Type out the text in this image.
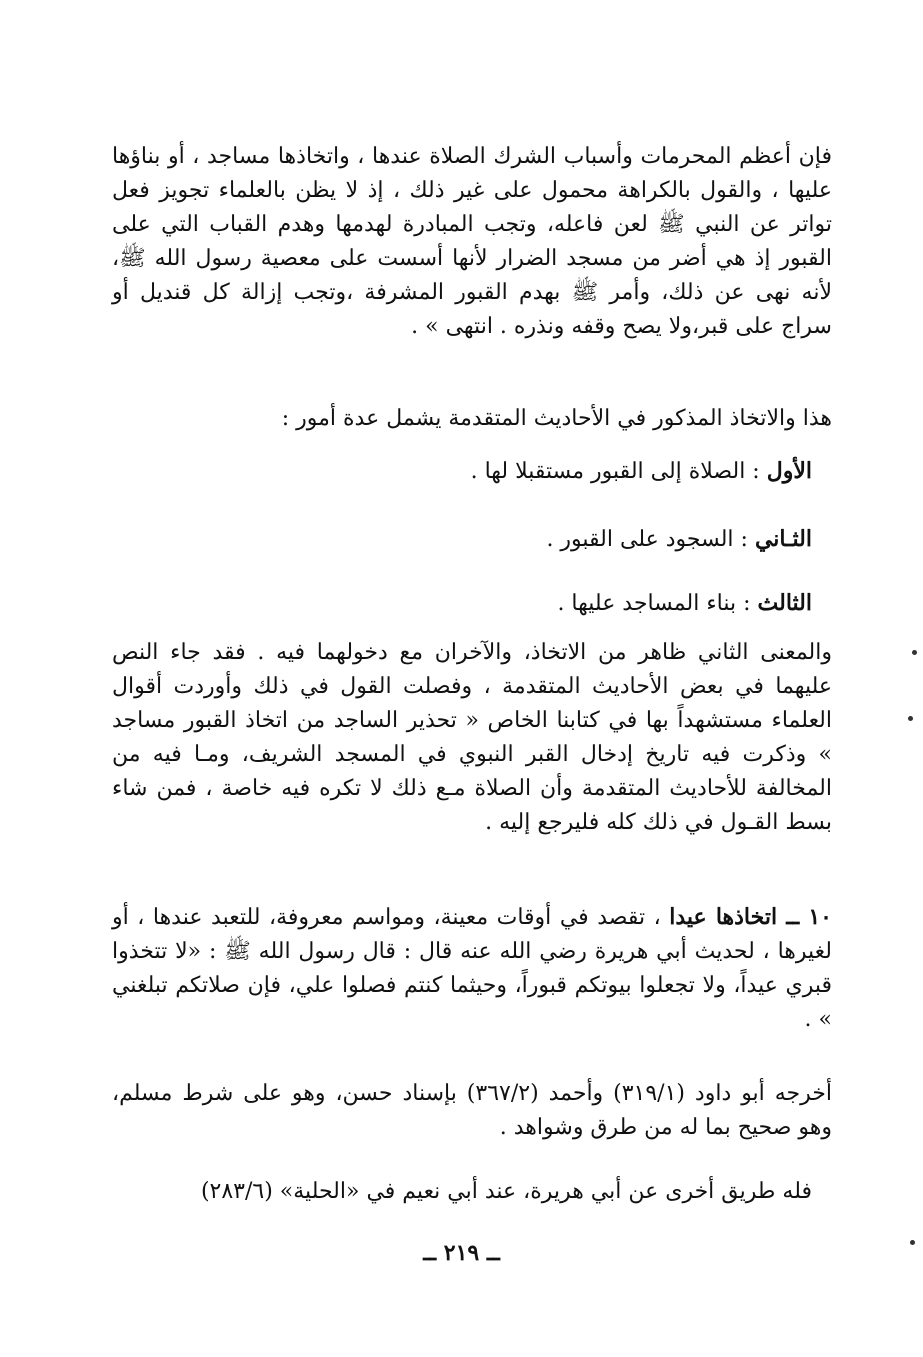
فإن أعظم المحرمات وأسباب الشرك الصلاة عندها ، واتخاذها مساجد ، أو بناؤها عليها ، والقول بالكراهة محمول على غير ذلك ، إذ لا يظن بالعلماء تجويز فعل تواتر عن النبي ﷺ لعن فاعله، وتجب المبادرة لهدمها وهدم القباب التي على القبور إذ هي أضر من مسجد الضرار لأنها أسست على معصية رسول الله ﷺ، لأنه نهى عن ذلك، وأمر ﷺ بهدم القبور المشرفة ،وتجب إزالة كل قنديل أو سراج على قبر،ولا يصح وقفه ونذره . انتهى » .
هذا والاتخاذ المذكور في الأحاديث المتقدمة يشمل عدة أمور :
الأول : الصلاة إلى القبور مستقبلا لها .
الثـاني : السجود على القبور .
الثالث : بناء المساجد عليها .
والمعنى الثاني ظاهر من الاتخاذ، والآخران مع دخولهما فيه . فقد جاء النص عليهما في بعض الأحاديث المتقدمة ، وفصلت القول في ذلك وأوردت أقوال العلماء مستشهداً بها في كتابنا الخاص « تحذير الساجد من اتخاذ القبور مساجد » وذكرت فيه تاريخ إدخال القبر النبوي في المسجد الشريف، ومـا فيه من المخالفة للأحاديث المتقدمة وأن الصلاة مـع ذلك لا تكره فيه خاصة ، فمن شاء بسط القـول في ذلك كله فليرجع إليه .
١٠ ــ اتخاذها عيدا ، تقصد في أوقات معينة، ومواسم معروفة، للتعبد عندها ، أو لغيرها ، لحديث أبي هريرة رضي الله عنه قال : قال رسول الله ﷺ : «لا تتخذوا قبري عيداً، ولا تجعلوا بيوتكم قبوراً، وحيثما كنتم فصلوا علي، فإن صلاتكم تبلغني » .
أخرجه أبو داود (٣١٩/١) وأحمد (٣٦٧/٢) بإسناد حسن، وهو على شرط مسلم، وهو صحيح بما له من طرق وشواهد .
فله طريق أخرى عن أبي هريرة، عند أبي نعيم في «الحلية» (٢٨٣/٦)
ــ ٢١٩ ــ
